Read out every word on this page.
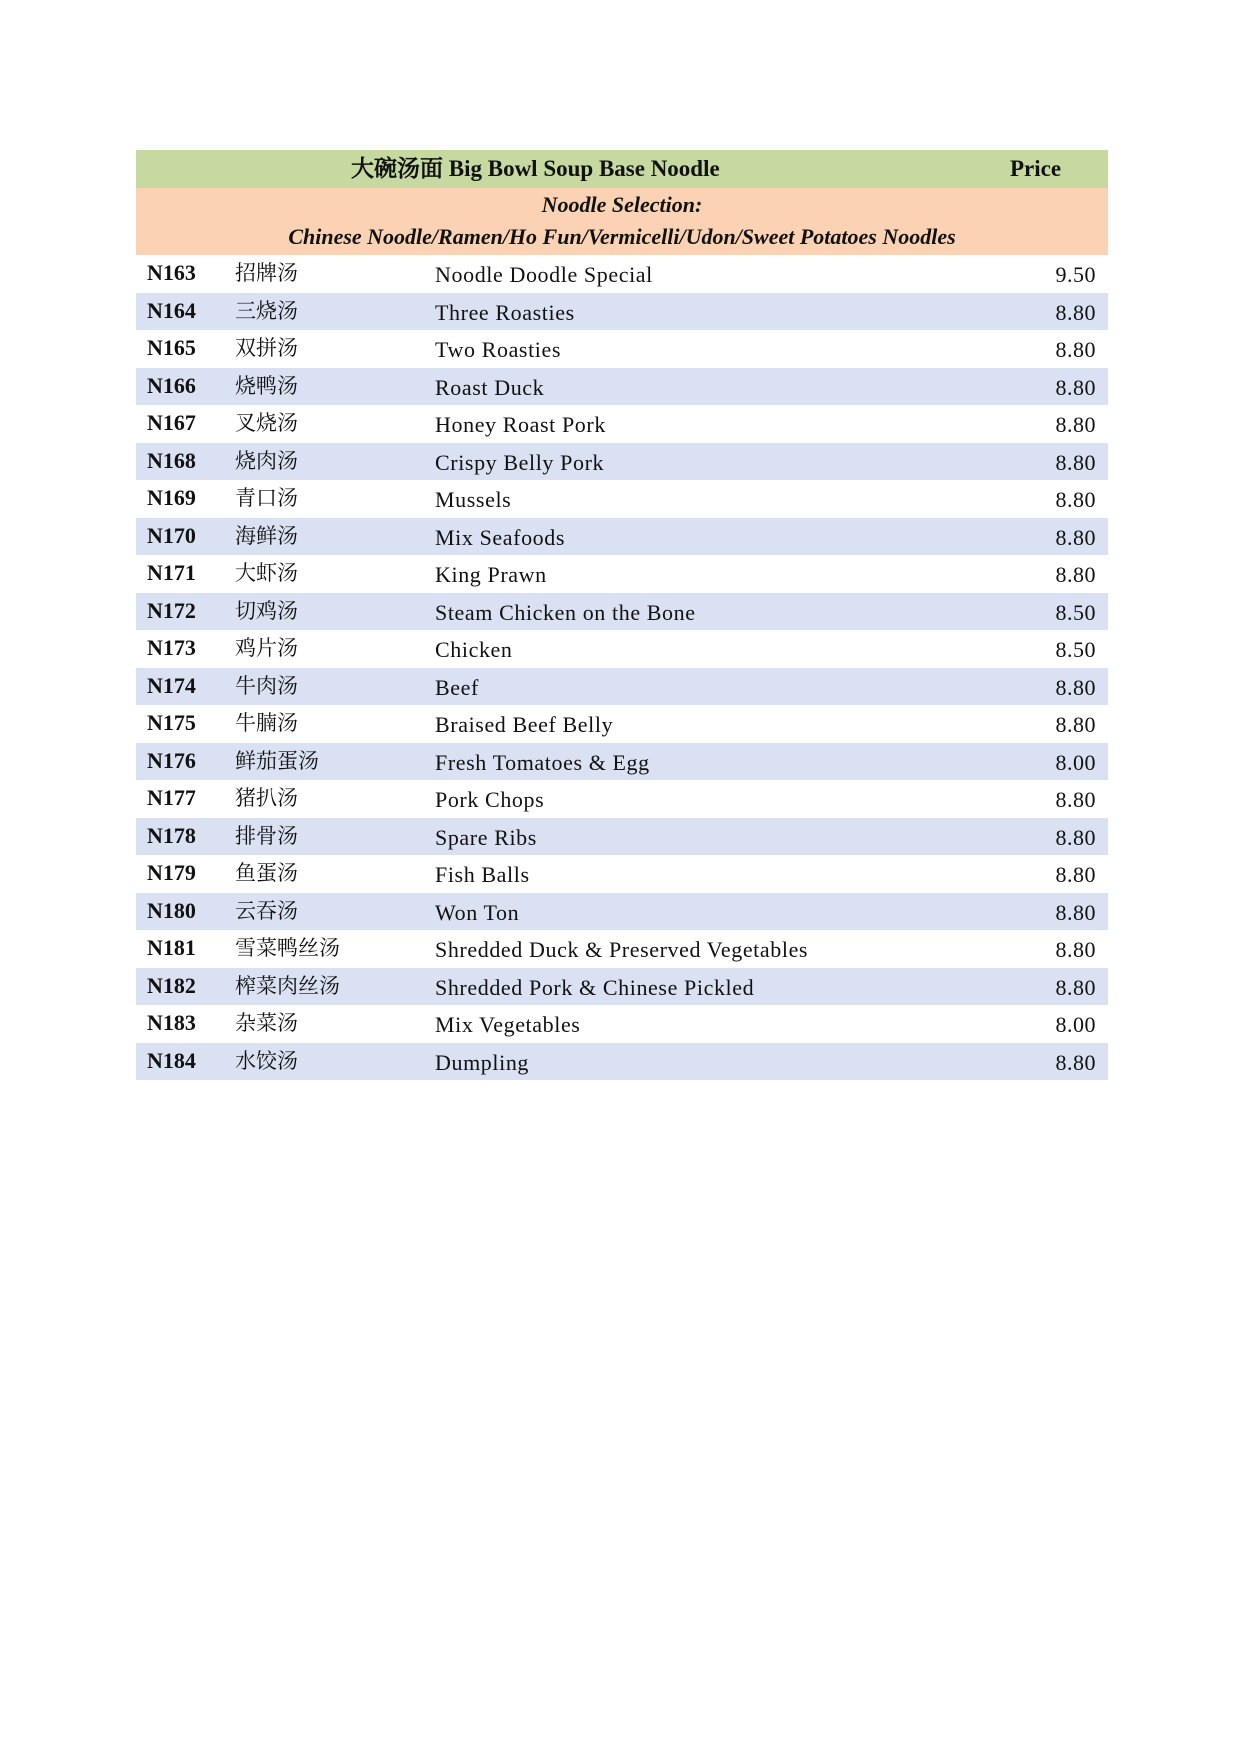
大碗汤面 Big Bowl Soup Base Noodle	Price
Noodle Selection:
Chinese Noodle/Ramen/Ho Fun/Vermicelli/Udon/Sweet Potatoes Noodles
N163 招牌汤	Noodle Doodle Special	9.50
N164 三烧汤	Three Roasties	8.80
N165 双拼汤	Two Roasties	8.80
N166 烧鸭汤	Roast Duck	8.80
N167 叉烧汤	Honey Roast Pork	8.80
N168 烧肉汤	Crispy Belly Pork	8.80
N169 青口汤	Mussels	8.80
N170 海鲜汤	Mix Seafoods	8.80
N171 大虾汤	King Prawn	8.80
N172 切鸡汤	Steam Chicken on the Bone	8.50
N173 鸡片汤	Chicken	8.50
N174 牛肉汤	Beef	8.80
N175 牛腩汤	Braised Beef Belly	8.80
N176 鲜茄蛋汤	Fresh Tomatoes & Egg	8.00
N177 猪扒汤	Pork Chops	8.80
N178 排骨汤	Spare Ribs	8.80
N179 鱼蛋汤	Fish Balls	8.80
N180 云吞汤	Won Ton	8.80
N181 雪菜鸭丝汤	Shredded Duck & Preserved Vegetables	8.80
N182 榨菜肉丝汤	Shredded Pork & Chinese Pickled	8.80
N183 杂菜汤	Mix Vegetables	8.00
N184 水饺汤	Dumpling	8.80
